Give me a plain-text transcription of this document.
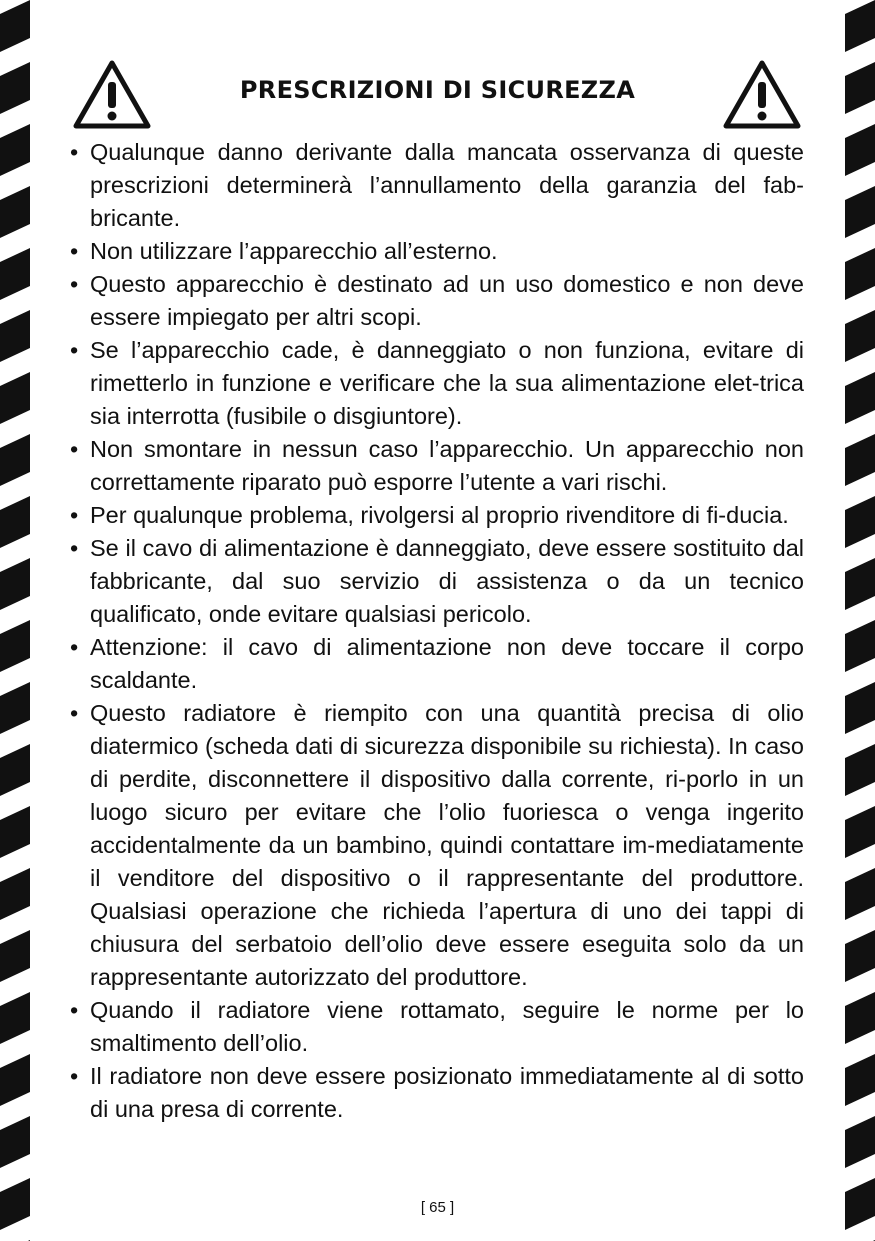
PRESCRIZIONI DI SICUREZZA
• Qualunque danno derivante dalla mancata osservanza di queste prescrizioni determinerà l’annullamento della garanzia del fab-bricante.
• Non utilizzare l’apparecchio all’esterno.
• Questo apparecchio è destinato ad un uso domestico e non deve essere impiegato per altri scopi.
• Se l’apparecchio cade, è danneggiato o non funziona, evitare di rimetterlo in funzione e verificare che la sua alimentazione elet-trica sia interrotta (fusibile o disgiuntore).
• Non smontare in nessun caso l’apparecchio. Un apparecchio non correttamente riparato può esporre l’utente a vari rischi.
• Per qualunque problema, rivolgersi al proprio rivenditore di fi-ducia.
• Se il cavo di alimentazione è danneggiato, deve essere sostituito dal fabbricante, dal suo servizio di assistenza o da un tecnico qualificato, onde evitare qualsiasi pericolo.
• Attenzione: il cavo di alimentazione non deve toccare il corpo scaldante.
• Questo radiatore è riempito con una quantità precisa di olio diatermico (scheda dati di sicurezza disponibile su richiesta). In caso di perdite, disconnettere il dispositivo dalla corrente, ri-porlo in un luogo sicuro per evitare che l’olio fuoriesca o venga ingerito accidentalmente da un bambino, quindi contattare im-mediatamente il venditore del dispositivo o il rappresentante del produttore. Qualsiasi operazione che richieda l’apertura di uno dei tappi di chiusura del serbatoio dell’olio deve essere eseguita solo da un rappresentante autorizzato del produttore.
• Quando il radiatore viene rottamato, seguire le norme per lo smaltimento dell’olio.
• Il radiatore non deve essere posizionato immediatamente al di sotto di una presa di corrente.
[ 65 ]
